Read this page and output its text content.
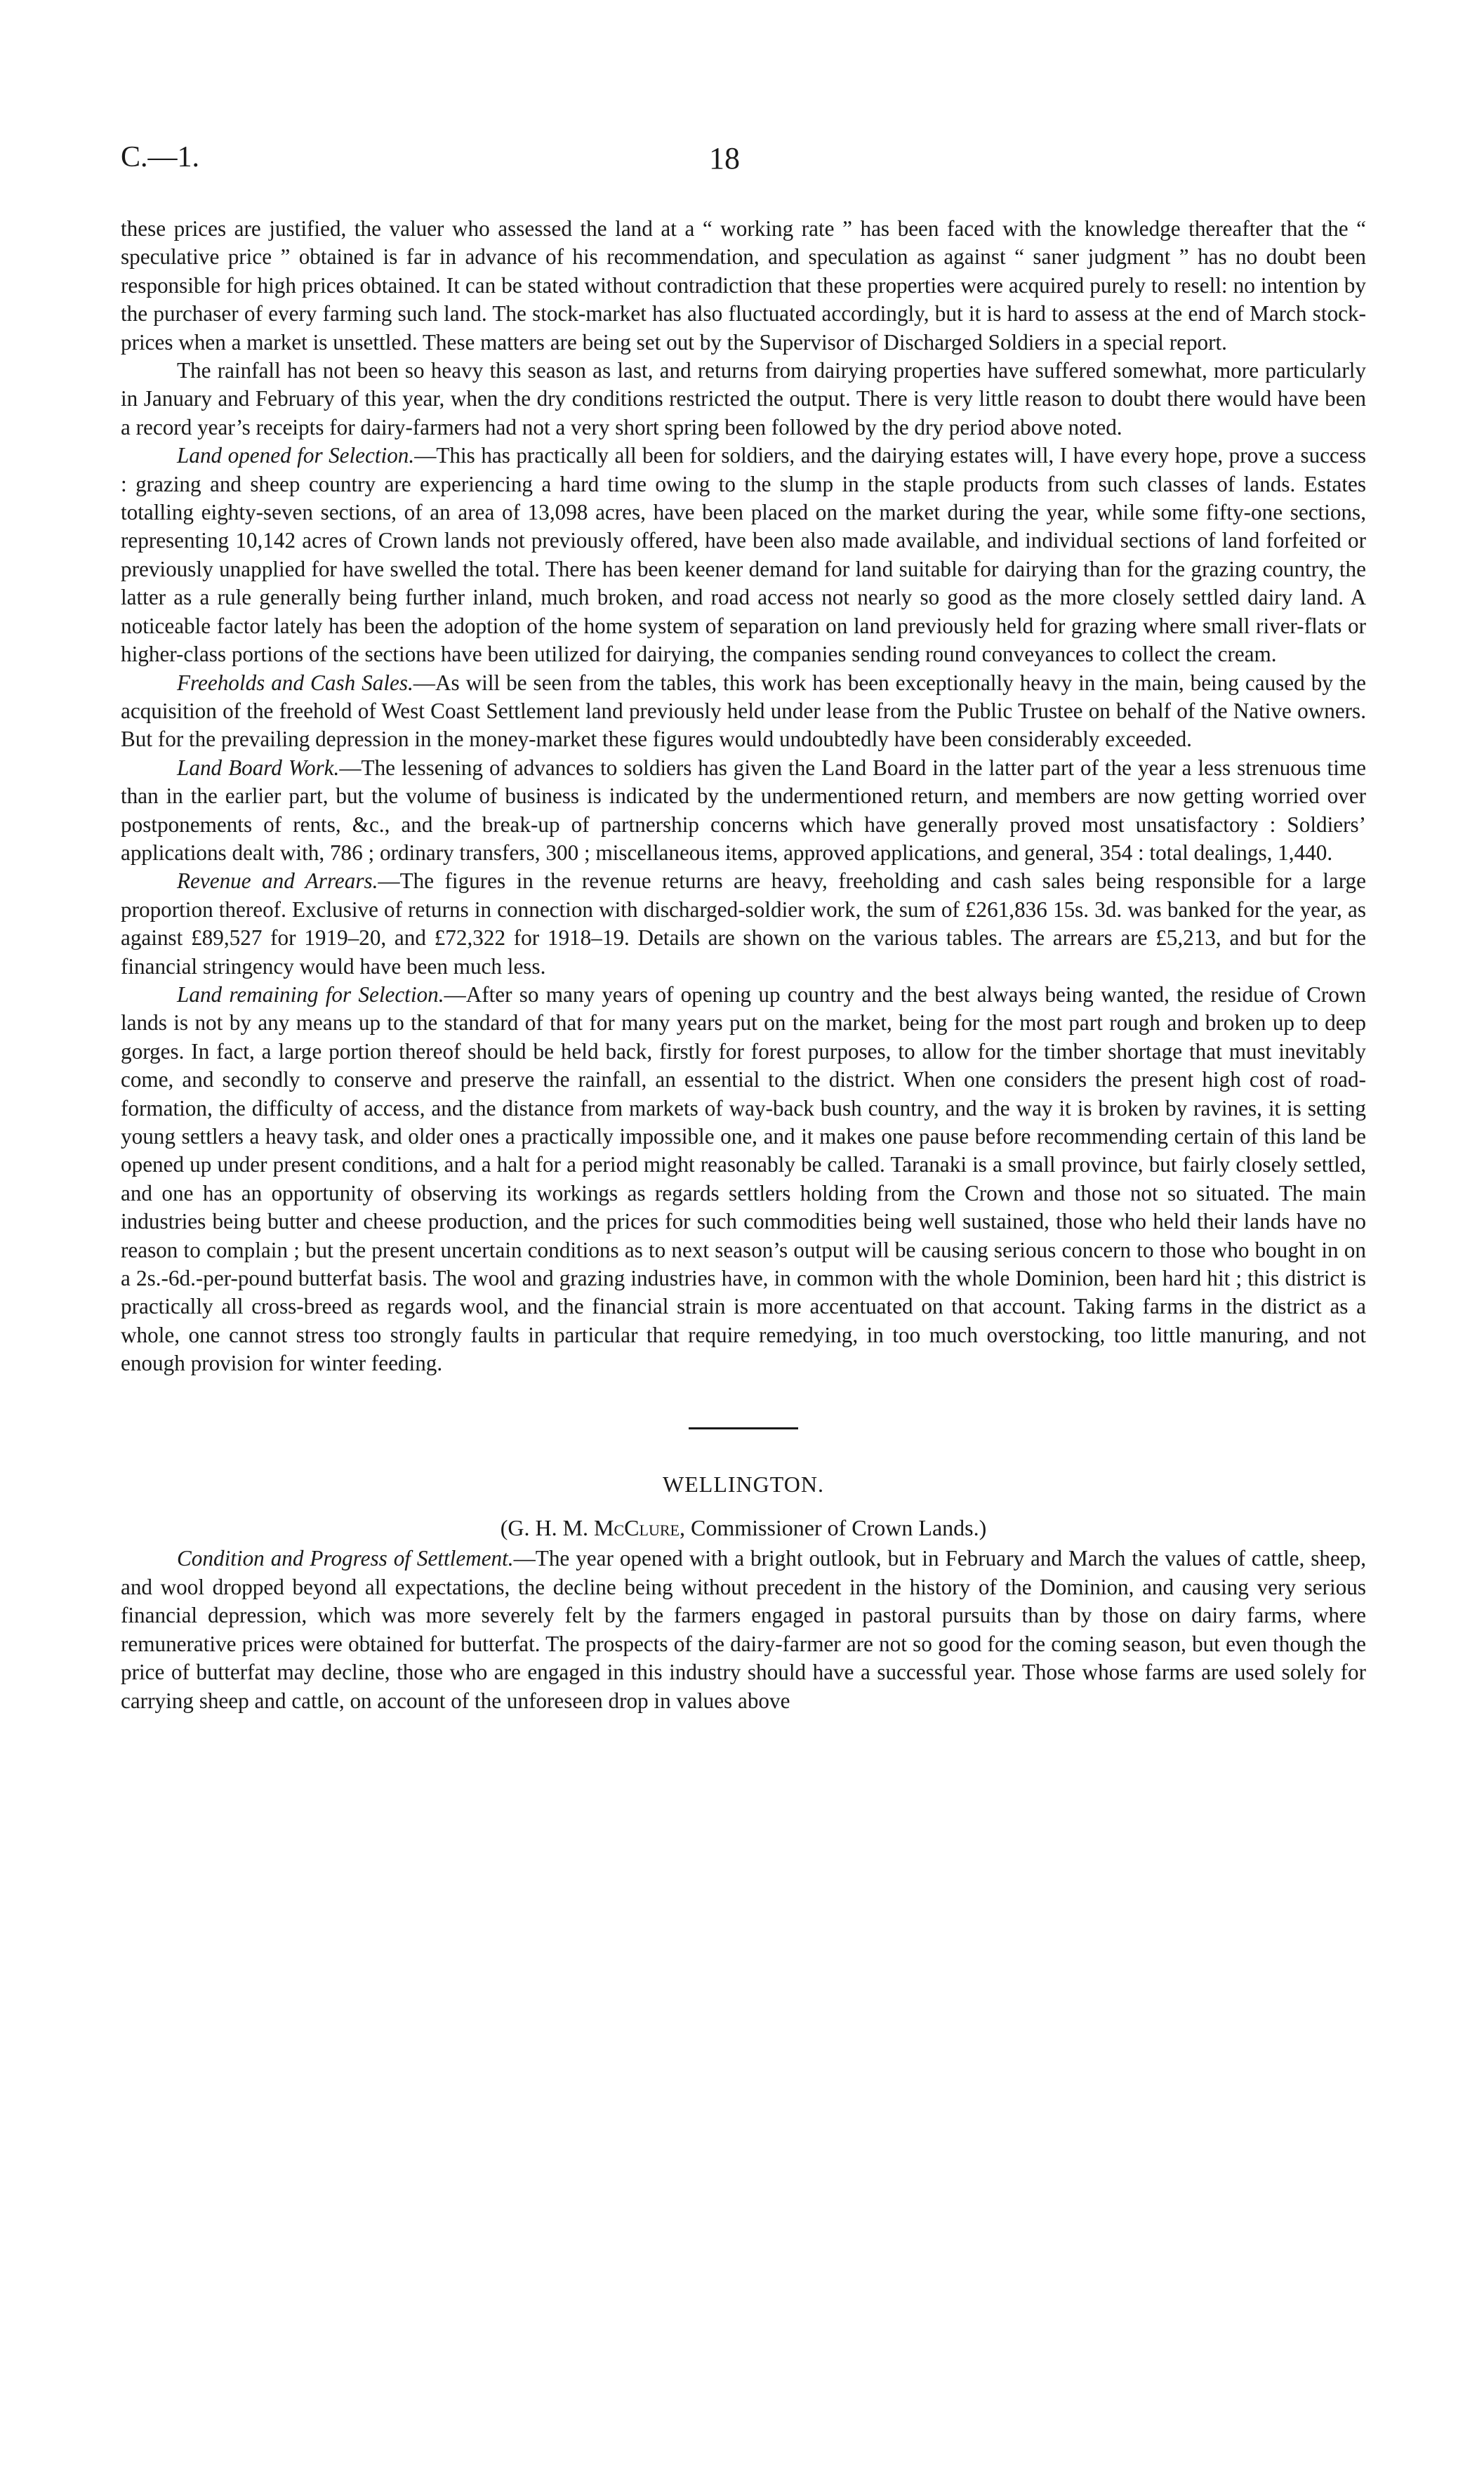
C.—1.	18

these prices are justified, the valuer who assessed the land at a “ working rate ” has been faced with the knowledge thereafter that the “ speculative price ” obtained is far in advance of his recommendation, and speculation as against “ saner judgment ” has no doubt been responsible for high prices obtained. It can be stated without contradiction that these properties were acquired purely to resell: no intention by the purchaser of every farming such land. The stock-market has also fluctuated accordingly, but it is hard to assess at the end of March stock-prices when a market is unsettled. These matters are being set out by the Supervisor of Discharged Soldiers in a special report.

The rainfall has not been so heavy this season as last, and returns from dairying properties have suffered somewhat, more particularly in January and February of this year, when the dry conditions restricted the output. There is very little reason to doubt there would have been a record year’s receipts for dairy-farmers had not a very short spring been followed by the dry period above noted.

Land opened for Selection.—This has practically all been for soldiers, and the dairying estates will, I have every hope, prove a success : grazing and sheep country are experiencing a hard time owing to the slump in the staple products from such classes of lands. Estates totalling eighty-seven sections, of an area of 13,098 acres, have been placed on the market during the year, while some fifty-one sections, representing 10,142 acres of Crown lands not previously offered, have been also made available, and individual sections of land forfeited or previously unapplied for have swelled the total. There has been keener demand for land suitable for dairying than for the grazing country, the latter as a rule generally being further inland, much broken, and road access not nearly so good as the more closely settled dairy land. A noticeable factor lately has been the adoption of the home system of separation on land previously held for grazing where small river-flats or higher-class portions of the sections have been utilized for dairying, the companies sending round conveyances to collect the cream.

Freeholds and Cash Sales.—As will be seen from the tables, this work has been exceptionally heavy in the main, being caused by the acquisition of the freehold of West Coast Settlement land previously held under lease from the Public Trustee on behalf of the Native owners. But for the prevailing depression in the money-market these figures would undoubtedly have been considerably exceeded.

Land Board Work.—The lessening of advances to soldiers has given the Land Board in the latter part of the year a less strenuous time than in the earlier part, but the volume of business is indicated by the undermentioned return, and members are now getting worried over postponements of rents, &c., and the break-up of partnership concerns which have generally proved most unsatisfactory : Soldiers’ applications dealt with, 786 ; ordinary transfers, 300 ; miscellaneous items, approved applications, and general, 354 : total dealings, 1,440.

Revenue and Arrears.—The figures in the revenue returns are heavy, freeholding and cash sales being responsible for a large proportion thereof. Exclusive of returns in connection with discharged-soldier work, the sum of £261,836 15s. 3d. was banked for the year, as against £89,527 for 1919–20, and £72,322 for 1918–19. Details are shown on the various tables. The arrears are £5,213, and but for the financial stringency would have been much less.

Land remaining for Selection.—After so many years of opening up country and the best always being wanted, the residue of Crown lands is not by any means up to the standard of that for many years put on the market, being for the most part rough and broken up to deep gorges. In fact, a large portion thereof should be held back, firstly for forest purposes, to allow for the timber shortage that must inevitably come, and secondly to conserve and preserve the rainfall, an essential to the district. When one considers the present high cost of road-formation, the difficulty of access, and the distance from markets of way-back bush country, and the way it is broken by ravines, it is setting young settlers a heavy task, and older ones a practically impossible one, and it makes one pause before recommending certain of this land be opened up under present conditions, and a halt for a period might reasonably be called. Taranaki is a small province, but fairly closely settled, and one has an opportunity of observing its workings as regards settlers holding from the Crown and those not so situated. The main industries being butter and cheese production, and the prices for such commodities being well sustained, those who held their lands have no reason to complain ; but the present uncertain conditions as to next season’s output will be causing serious concern to those who bought in on a 2s.-6d.-per-pound butterfat basis. The wool and grazing industries have, in common with the whole Dominion, been hard hit ; this district is practically all cross-breed as regards wool, and the financial strain is more accentuated on that account. Taking farms in the district as a whole, one cannot stress too strongly faults in particular that require remedying, in too much overstocking, too little manuring, and not enough provision for winter feeding.

WELLINGTON.
(G. H. M. McClure, Commissioner of Crown Lands.)

Condition and Progress of Settlement.—The year opened with a bright outlook, but in February and March the values of cattle, sheep, and wool dropped beyond all expectations, the decline being without precedent in the history of the Dominion, and causing very serious financial depression, which was more severely felt by the farmers engaged in pastoral pursuits than by those on dairy farms, where remunerative prices were obtained for butterfat. The prospects of the dairy-farmer are not so good for the coming season, but even though the price of butterfat may decline, those who are engaged in this industry should have a successful year. Those whose farms are used solely for carrying sheep and cattle, on account of the unforeseen drop in values above
